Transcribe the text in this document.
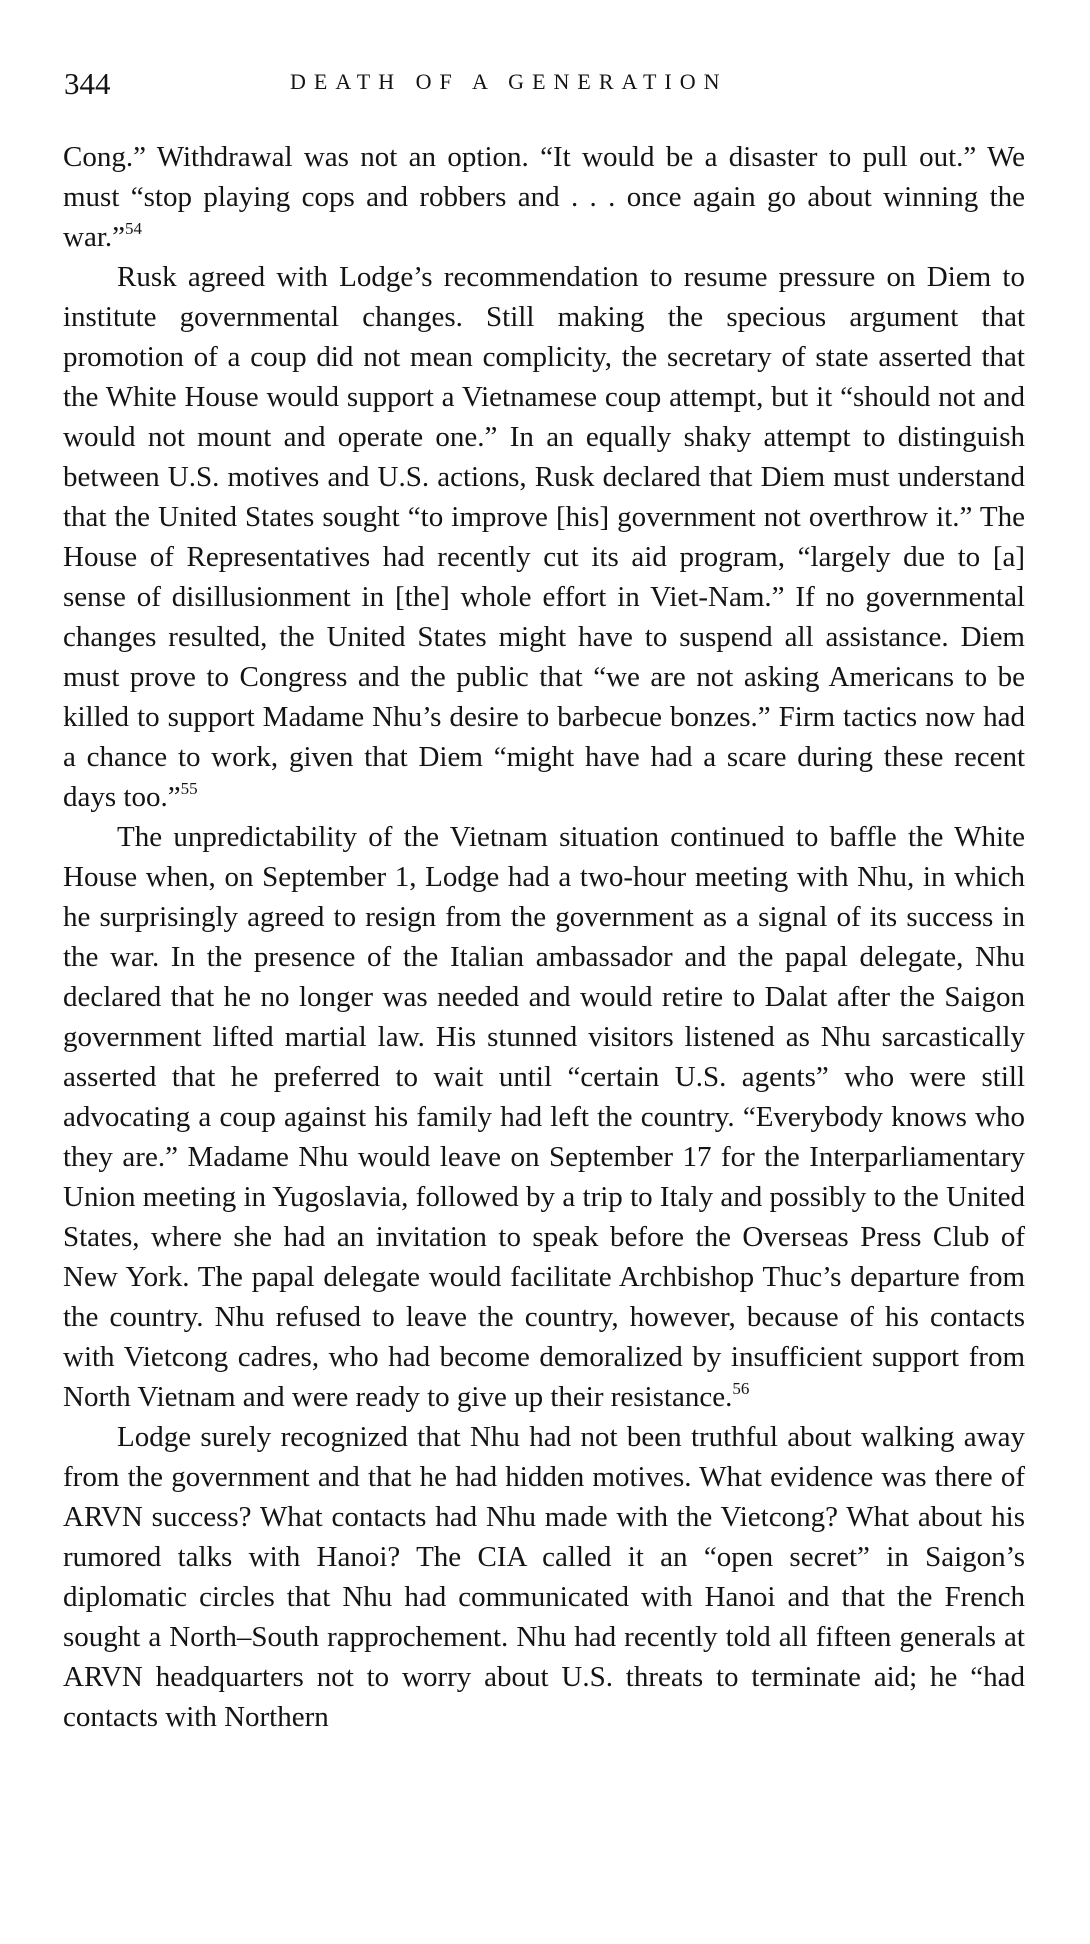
344	DEATH OF A GENERATION

Cong.” Withdrawal was not an option. “It would be a disaster to pull out.” We must “stop playing cops and robbers and . . . once again go about winning the war.”$^{54}$

Rusk agreed with Lodge’s recommendation to resume pressure on Diem to institute governmental changes. Still making the specious argument that promotion of a coup did not mean complicity, the secretary of state asserted that the White House would support a Vietnamese coup attempt, but it “should not and would not mount and operate one.” In an equally shaky attempt to distinguish between U.S. motives and U.S. actions, Rusk declared that Diem must understand that the United States sought “to improve [his] government not overthrow it.” The House of Representatives had recently cut its aid program, “largely due to [a] sense of disillusionment in [the] whole effort in Viet-Nam.” If no governmental changes resulted, the United States might have to suspend all assistance. Diem must prove to Congress and the public that “we are not asking Americans to be killed to support Madame Nhu’s desire to barbecue bonzes.” Firm tactics now had a chance to work, given that Diem “might have had a scare during these recent days too.”$^{55}$

The unpredictability of the Vietnam situation continued to baffle the White House when, on September 1, Lodge had a two-hour meeting with Nhu, in which he surprisingly agreed to resign from the government as a signal of its success in the war. In the presence of the Italian ambassador and the papal delegate, Nhu declared that he no longer was needed and would retire to Dalat after the Saigon government lifted martial law. His stunned visitors listened as Nhu sarcastically asserted that he preferred to wait until “certain U.S. agents” who were still advocating a coup against his family had left the country. “Everybody knows who they are.” Madame Nhu would leave on September 17 for the Interparliamentary Union meeting in Yugoslavia, followed by a trip to Italy and possibly to the United States, where she had an invitation to speak before the Overseas Press Club of New York. The papal delegate would facilitate Archbishop Thuc’s departure from the country. Nhu refused to leave the country, however, because of his contacts with Vietcong cadres, who had become demoralized by insufficient support from North Vietnam and were ready to give up their resistance.$^{56}$

Lodge surely recognized that Nhu had not been truthful about walking away from the government and that he had hidden motives. What evidence was there of ARVN success? What contacts had Nhu made with the Vietcong? What about his rumored talks with Hanoi? The CIA called it an “open secret” in Saigon’s diplomatic circles that Nhu had communicated with Hanoi and that the French sought a North–South rapprochement. Nhu had recently told all fifteen generals at ARVN headquarters not to worry about U.S. threats to terminate aid; he “had contacts with Northern
